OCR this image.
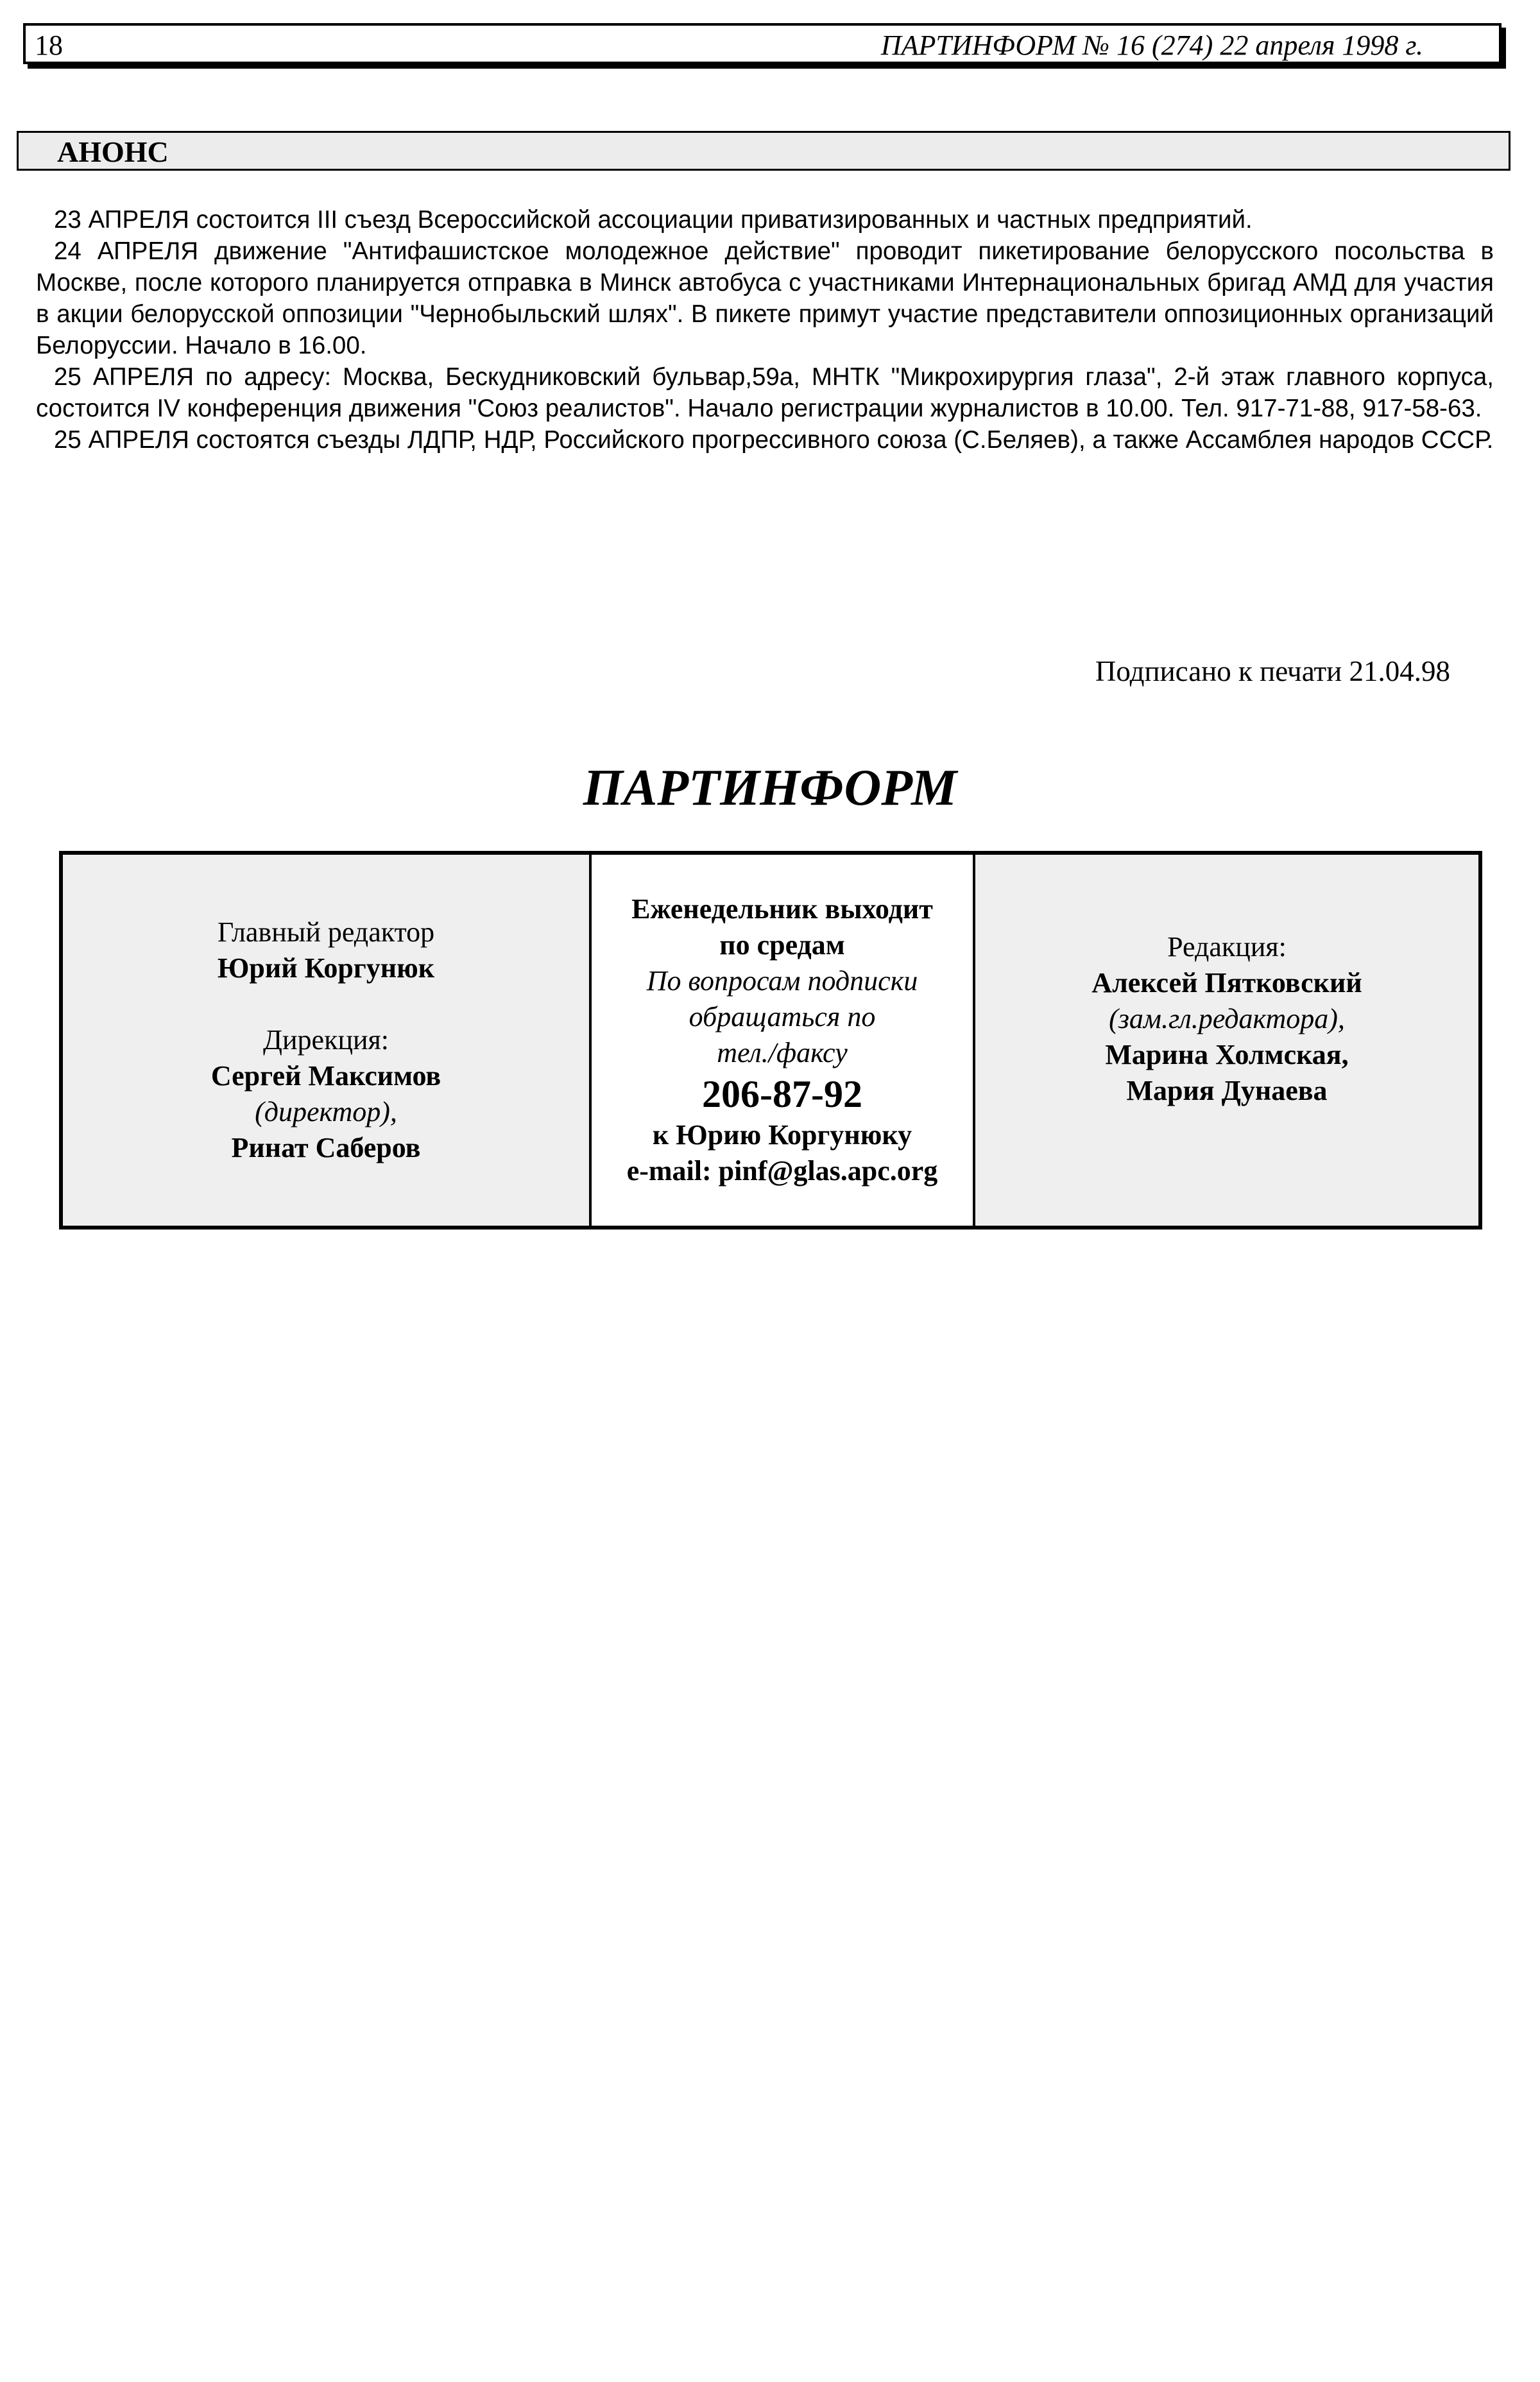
18	ПАРТИНФОРМ № 16 (274) 22 апреля 1998 г.
АНОНС

23 АПРЕЛЯ состоится III съезд Всероссийской ассоциации приватизированных и частных предприятий.

24 АПРЕЛЯ движение "Антифашистское молодежное действие" проводит пикетирование белорусского посольства в Москве, после которого планируется отправка в Минск автобуса с участниками Интернациональных бригад АМД для участия в акции белорусской оппозиции "Чернобыльский шлях". В пикете примут участие представители оппозиционных организаций Белоруссии. Начало в 16.00.

25 АПРЕЛЯ по адресу: Москва, Бескудниковский бульвар,59а, МНТК "Микрохирургия глаза", 2-й этаж главного корпуса, состоится IV конференция движения "Союз реалистов". Начало регистрации журналистов в 10.00. Тел. 917-71-88, 917-58-63.

25 АПРЕЛЯ состоятся съезды ЛДПР, НДР, Российского прогрессивного союза (С.Беляев), а также Ассамблея народов СССР.

Подписано к печати 21.04.98
ПАРТИНФОРМ
Главный редактор
Юрий Коргунюк
Дирекция:
Сергей Максимов
(директор),
Ринат Саберов
Еженедельник выходит
по средам
По вопросам подписки
обращаться по
тел./факсу
206-87-92
к Юрию Коргунюку
e-mail: pinf@glas.apc.org
Редакция:
Алексей Пятковский
(зам.гл.редактора),
Марина Холмская,
Мария Дунаева
